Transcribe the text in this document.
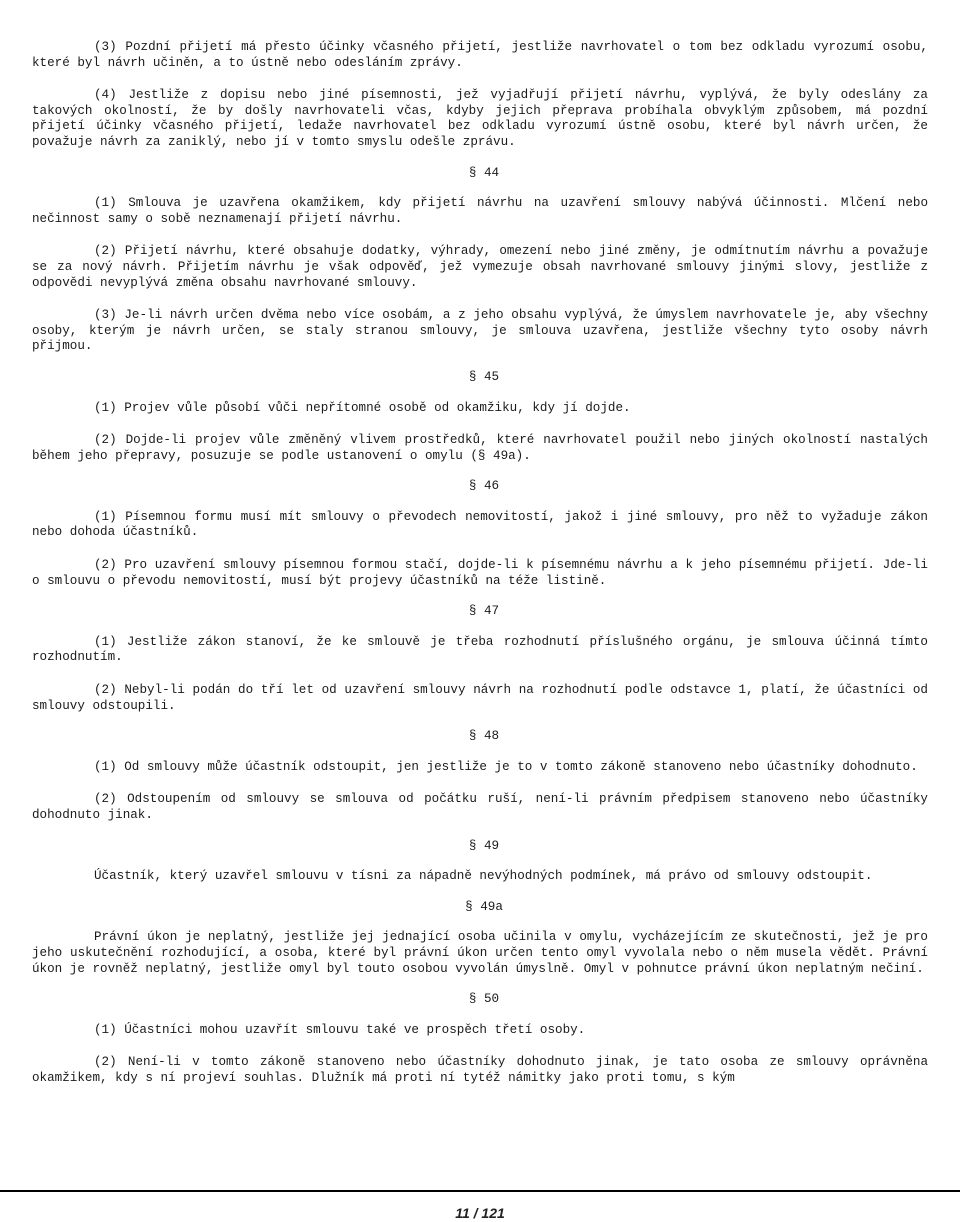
(3) Pozdní přijetí má přesto účinky včasného přijetí, jestliže navrhovatel o tom bez odkladu vyrozumí osobu, které byl návrh učiněn, a to ústně nebo odesláním zprávy.

(4) Jestliže z dopisu nebo jiné písemnosti, jež vyjadřují přijetí návrhu, vyplývá, že byly odeslány za takových okolností, že by došly navrhovateli včas, kdyby jejich přeprava probíhala obvyklým způsobem, má pozdní přijetí účinky včasného přijetí, ledaže navrhovatel bez odkladu vyrozumí ústně osobu, které byl návrh určen, že považuje návrh za zaniklý, nebo jí v tomto smyslu odešle zprávu.

§ 44

(1) Smlouva je uzavřena okamžikem, kdy přijetí návrhu na uzavření smlouvy nabývá účinnosti. Mlčení nebo nečinnost samy o sobě neznamenají přijetí návrhu.

(2) Přijetí návrhu, které obsahuje dodatky, výhrady, omezení nebo jiné změny, je odmítnutím návrhu a považuje se za nový návrh. Přijetím návrhu je však odpověď, jež vymezuje obsah navrhované smlouvy jinými slovy, jestliže z odpovědi nevyplývá změna obsahu navrhované smlouvy.

(3) Je-li návrh určen dvěma nebo více osobám, a z jeho obsahu vyplývá, že úmyslem navrhovatele je, aby všechny osoby, kterým je návrh určen, se staly stranou smlouvy, je smlouva uzavřena, jestliže všechny tyto osoby návrh přijmou.

§ 45

(1) Projev vůle působí vůči nepřítomné osobě od okamžiku, kdy jí dojde.

(2) Dojde-li projev vůle změněný vlivem prostředků, které navrhovatel použil nebo jiných okolností nastalých během jeho přepravy, posuzuje se podle ustanovení o omylu (§ 49a).

§ 46

(1) Písemnou formu musí mít smlouvy o převodech nemovitostí, jakož i jiné smlouvy, pro něž to vyžaduje zákon nebo dohoda účastníků.

(2) Pro uzavření smlouvy písemnou formou stačí, dojde-li k písemnému návrhu a k jeho písemnému přijetí. Jde-li o smlouvu o převodu nemovitostí, musí být projevy účastníků na téže listině.

§ 47

(1) Jestliže zákon stanoví, že ke smlouvě je třeba rozhodnutí příslušného orgánu, je smlouva účinná tímto rozhodnutím.

(2) Nebyl-li podán do tří let od uzavření smlouvy návrh na rozhodnutí podle odstavce 1, platí, že účastníci od smlouvy odstoupili.

§ 48

(1) Od smlouvy může účastník odstoupit, jen jestliže je to v tomto zákoně stanoveno nebo účastníky dohodnuto.

(2) Odstoupením od smlouvy se smlouva od počátku ruší, není-li právním předpisem stanoveno nebo účastníky dohodnuto jinak.

§ 49

Účastník, který uzavřel smlouvu v tísni za nápadně nevýhodných podmínek, má právo od smlouvy odstoupit.

§ 49a

Právní úkon je neplatný, jestliže jej jednající osoba učinila v omylu, vycházejícím ze skutečnosti, jež je pro jeho uskutečnění rozhodující, a osoba, které byl právní úkon určen tento omyl vyvolala nebo o něm musela vědět. Právní úkon je rovněž neplatný, jestliže omyl byl touto osobou vyvolán úmyslně. Omyl v pohnutce právní úkon neplatným nečiní.

§ 50

(1) Účastníci mohou uzavřít smlouvu také ve prospěch třetí osoby.

(2) Není-li v tomto zákoně stanoveno nebo účastníky dohodnuto jinak, je tato osoba ze smlouvy oprávněna okamžikem, kdy s ní projeví souhlas. Dlužník má proti ní tytéž námitky jako proti tomu, s kým

11 / 121
